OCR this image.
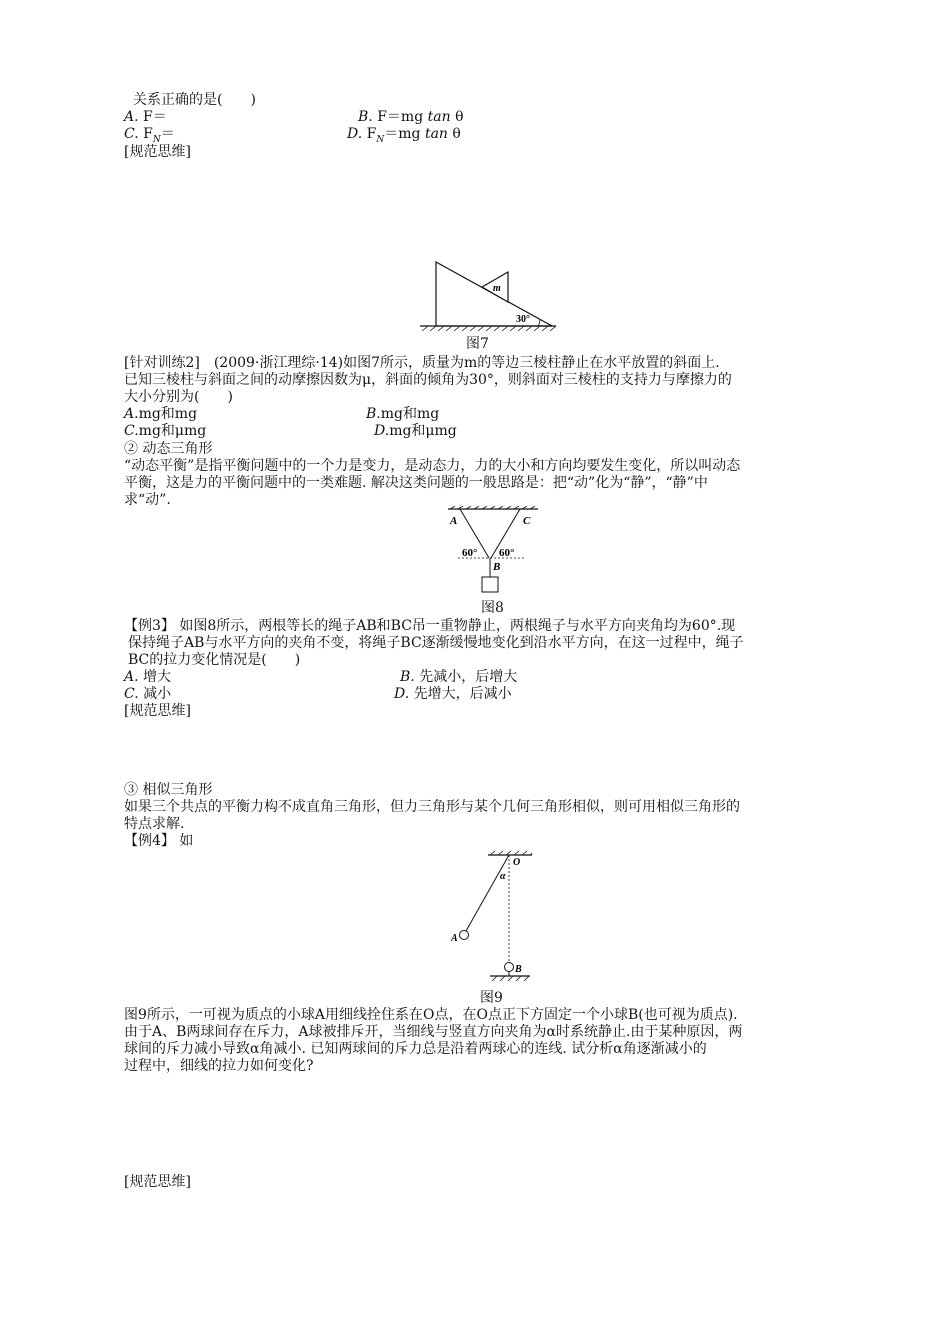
关系正确的是(　　)
A. F＝	B. F＝mg tan θ
C. $F_N=$	D. $F_N=mg$ tan θ
[规范思维]
m
30°
图7
[针对训练2]　(2009·浙江理综·14)如图7所示，质量为m的等边三棱柱静止在水平放置的斜面上.
已知三棱柱与斜面之间的动摩擦因数为μ，斜面的倾角为30°，则斜面对三棱柱的支持力与摩擦力的
大小分别为(　　)
A.mg和mg	B.mg和mg
C.mg和μmg	D.mg和μmg
② 动态三角形
“动态平衡”是指平衡问题中的一个力是变力，是动态力，力的大小和方向均要发生变化，所以叫动态
平衡，这是力的平衡问题中的一类难题. 解决这类问题的一般思路是：把“动”化为“静”，“静”中
求“动”.
A	C
B
60° 60°
图8
【例3】 如图8所示，两根等长的绳子AB和BC吊一重物静止，两根绳子与水平方向夹角均为60°.现
保持绳子AB与水平方向的夹角不变，将绳子BC逐渐缓慢地变化到沿水平方向，在这一过程中，绳子
BC的拉力变化情况是(　　)
A. 增大	B. 先减小，后增大
C. 减小	D. 先增大，后减小
[规范思维]
③ 相似三角形
如果三个共点的平衡力构不成直角三角形，但力三角形与某个几何三角形相似，则可用相似三角形的
特点求解.
【例4】 如
O
α
A
B
图9
图9所示，一可视为质点的小球A用细线拴住系在O点，在O点正下方固定一个小球B(也可视为质点).
由于A、B两球间存在斥力，A球被排斥开，当细线与竖直方向夹角为α时系统静止.由于某种原因，两
球间的斥力减小导致α角减小. 已知两球间的斥力总是沿着两球心的连线. 试分析α角逐渐减小的
过程中，细线的拉力如何变化?
[规范思维]
